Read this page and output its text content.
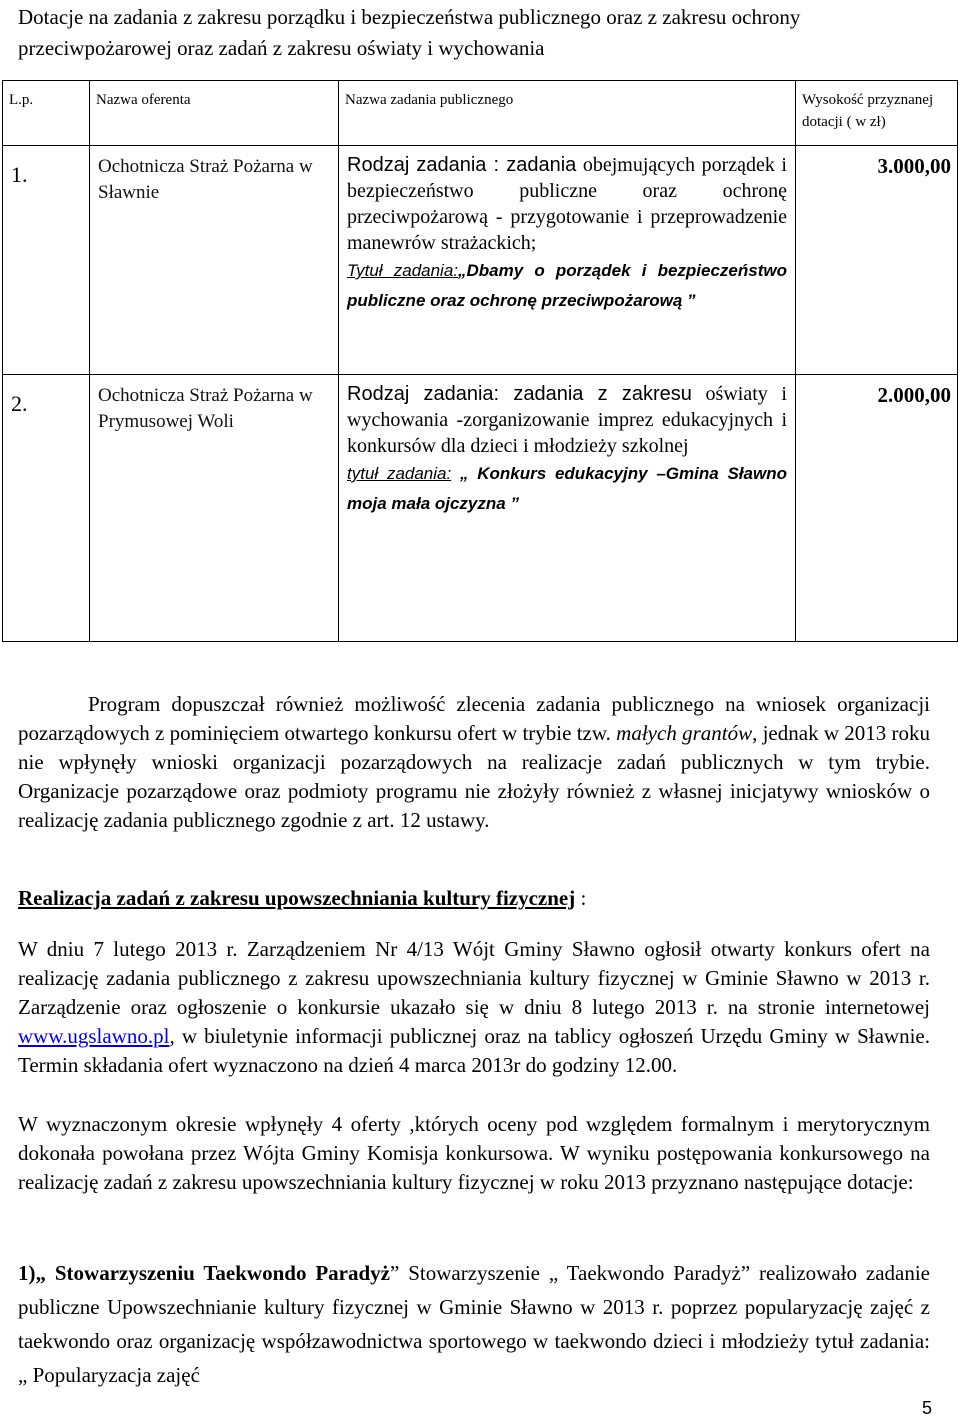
Dotacje na zadania z zakresu porządku i bezpieczeństwa publicznego oraz z zakresu ochrony przeciwpożarowej oraz zadań z zakresu oświaty i wychowania
L.p.	Nazwa oferenta	Nazwa zadania publicznego	Wysokość przyznanej dotacji ( w zł)
1.	Ochotnicza Straż Pożarna w Sławnie	Rodzaj zadania : zadania obejmujących porządek i bezpieczeństwo publiczne oraz ochronę przeciwpożarową - przygotowanie i przeprowadzenie manewrów strażackich;
Tytuł zadania:„Dbamy o porządek i bezpieczeństwo publiczne oraz ochronę przeciwpożarową ”	3.000,00
2.	Ochotnicza Straż Pożarna w Prymusowej Woli	Rodzaj zadania: zadania z zakresu oświaty i wychowania -zorganizowanie imprez edukacyjnych i konkursów dla dzieci i młodzieży szkolnej
tytuł zadania: „ Konkurs edukacyjny –Gmina Sławno moja mała ojczyzna ”	2.000,00
Program dopuszczał również możliwość zlecenia zadania publicznego na wniosek organizacji pozarządowych z pominięciem otwartego konkursu ofert w trybie tzw. małych grantów, jednak w 2013 roku nie wpłynęły wnioski organizacji pozarządowych na realizacje zadań publicznych w tym trybie. Organizacje pozarządowe oraz podmioty programu nie złożyły również z własnej inicjatywy wniosków o realizację zadania publicznego zgodnie z art. 12 ustawy.
Realizacja zadań z zakresu upowszechniania kultury fizycznej :
W dniu 7 lutego 2013 r. Zarządzeniem Nr 4/13 Wójt Gminy Sławno ogłosił otwarty konkurs ofert na realizację zadania publicznego z zakresu upowszechniania kultury fizycznej w Gminie Sławno w 2013 r. Zarządzenie oraz ogłoszenie o konkursie ukazało się w dniu 8 lutego 2013 r. na stronie internetowej www.ugslawno.pl, w biuletynie informacji publicznej oraz na tablicy ogłoszeń Urzędu Gminy w Sławnie. Termin składania ofert wyznaczono na dzień 4 marca 2013r do godziny 12.00.
W wyznaczonym okresie wpłynęły 4 oferty ,których oceny pod względem formalnym i merytorycznym dokonała powołana przez Wójta Gminy Komisja konkursowa. W wyniku postępowania konkursowego na realizację zadań z zakresu upowszechniania kultury fizycznej w roku 2013 przyznano następujące dotacje:
1)„ Stowarzyszeniu Taekwondo Paradyż” Stowarzyszenie „ Taekwondo Paradyż” realizowało zadanie publiczne Upowszechnianie kultury fizycznej w Gminie Sławno w 2013 r. poprzez popularyzację zajęć z taekwondo oraz organizację współzawodnictwa sportowego w taekwondo dzieci i młodzieży tytuł zadania: „ Popularyzacja zajęć
5
